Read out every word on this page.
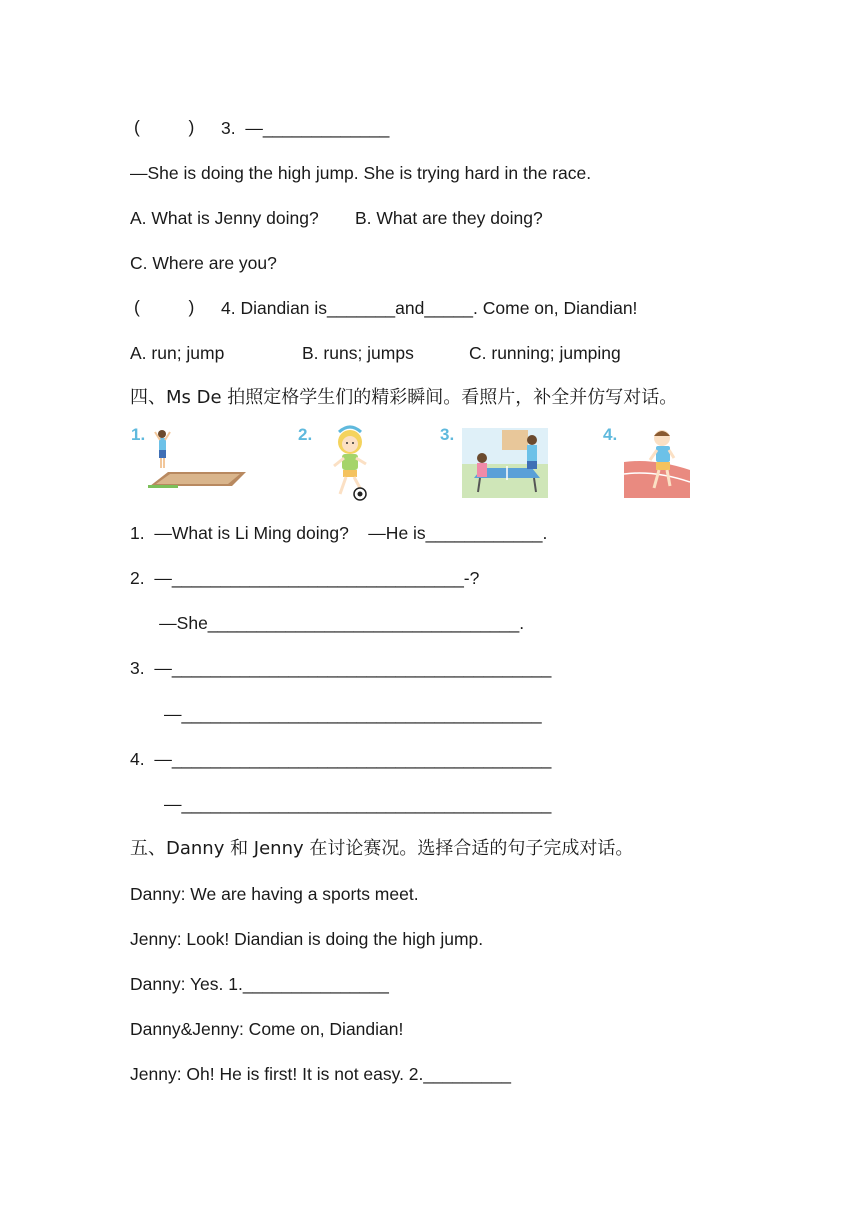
(          ) 3.  —_____________
—She is doing the high jump. She is trying hard in the race.
A. What is Jenny doing? B. What are they doing?
C. Where are you?
(          ) 4. Diandian is_______and_____. Come on, Diandian!
A. run; jump	B. runs; jumps	C. running; jumping
四、Ms De 拍照定格学生们的精彩瞬间。看照片，补全并仿写对话。
1.	2.	3.	4.
1.  —What is Li Ming doing?    —He is____________.
2.  —______________________________-?
—She________________________________.
3.  —_______________________________________
—_____________________________________
4.  —_______________________________________
—______________________________________
五、Danny 和 Jenny 在讨论赛况。选择合适的句子完成对话。
Danny: We are having a sports meet.
Jenny: Look! Diandian is doing the high jump.
Danny: Yes. 1._______________
Danny&Jenny: Come on, Diandian!
Jenny: Oh! He is first! It is not easy. 2._________
